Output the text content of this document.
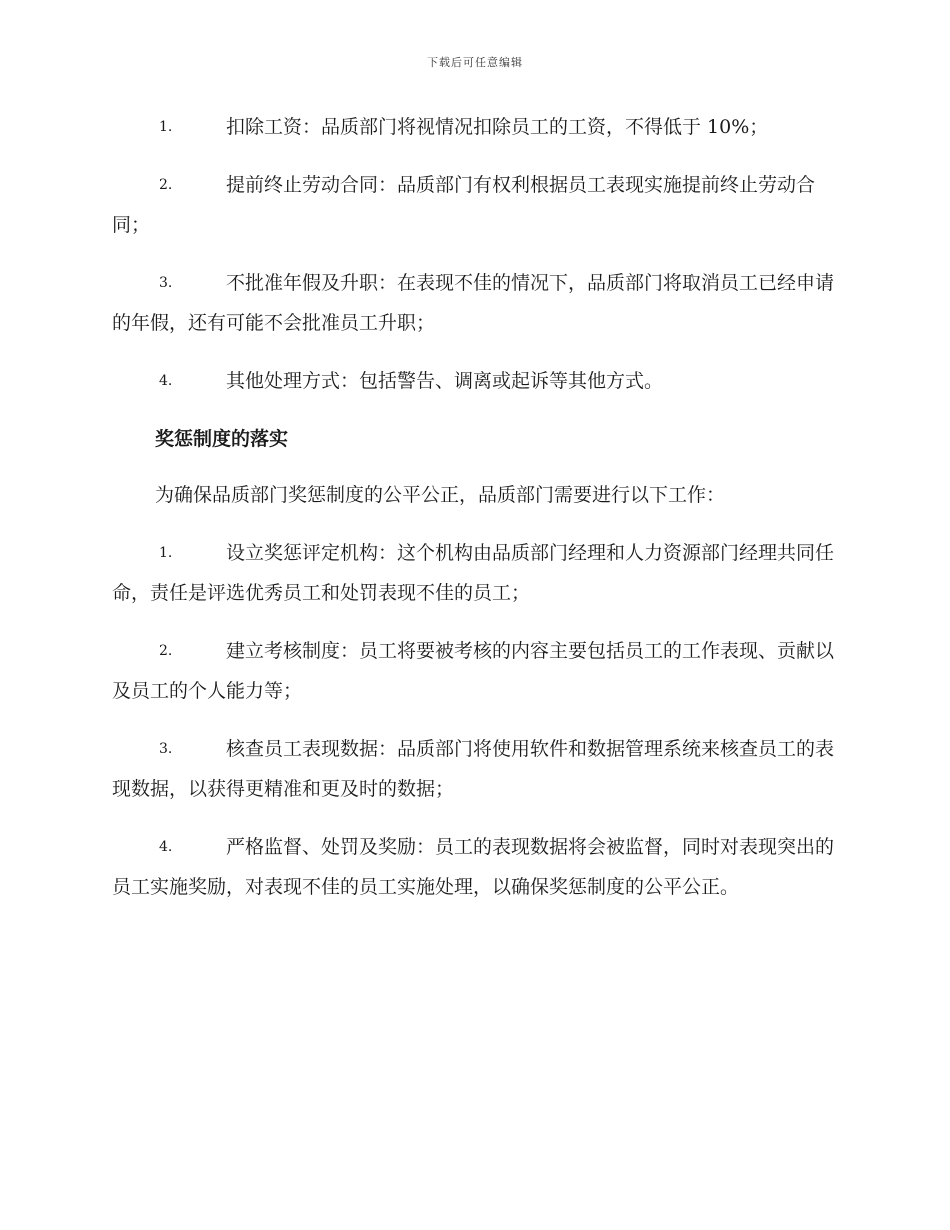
下载后可任意编辑

1.	扣除工资：品质部门将视情况扣除员工的工资，不得低于 10%；

2.	提前终止劳动合同：品质部门有权利根据员工表现实施提前终止劳动合同；

3.	不批准年假及升职：在表现不佳的情况下，品质部门将取消员工已经申请的年假，还有可能不会批准员工升职；

4.	其他处理方式：包括警告、调离或起诉等其他方式。

奖惩制度的落实

为确保品质部门奖惩制度的公平公正，品质部门需要进行以下工作：

1.	设立奖惩评定机构：这个机构由品质部门经理和人力资源部门经理共同任命，责任是评选优秀员工和处罚表现不佳的员工；

2.	建立考核制度：员工将要被考核的内容主要包括员工的工作表现、贡献以及员工的个人能力等；

3.	核查员工表现数据：品质部门将使用软件和数据管理系统来核查员工的表现数据，以获得更精准和更及时的数据；

4.	严格监督、处罚及奖励：员工的表现数据将会被监督，同时对表现突出的员工实施奖励，对表现不佳的员工实施处理，以确保奖惩制度的公平公正。
